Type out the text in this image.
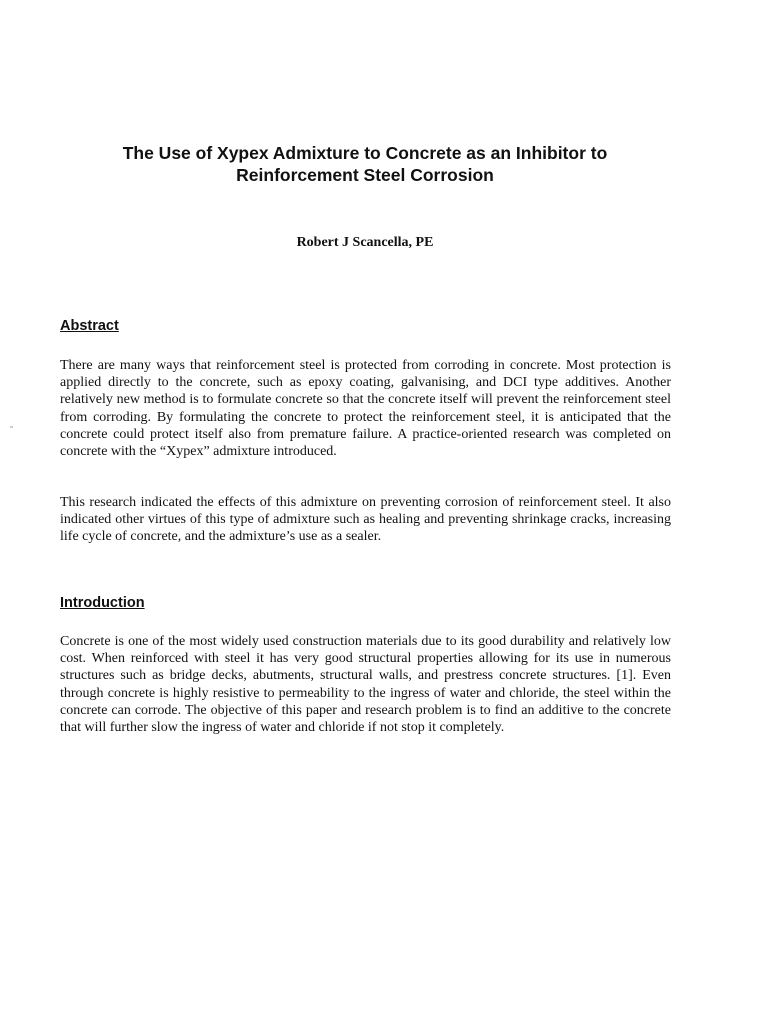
The Use of Xypex Admixture to Concrete as an Inhibitor to
Reinforcement Steel Corrosion

Robert J Scancella, PE

Abstract

There are many ways that reinforcement steel is protected from corroding in concrete. Most protection is applied directly to the concrete, such as epoxy coating, galvanising, and DCI type additives. Another relatively new method is to formulate concrete so that the concrete itself will prevent the reinforcement steel from corroding. By formulating the concrete to protect the reinforcement steel, it is anticipated that the concrete could protect itself also from premature failure. A practice-oriented research was completed on concrete with the “Xypex” admixture introduced.

This research indicated the effects of this admixture on preventing corrosion of reinforcement steel. It also indicated other virtues of this type of admixture such as healing and preventing shrinkage cracks, increasing life cycle of concrete, and the admixture’s use as a sealer.

Introduction

Concrete is one of the most widely used construction materials due to its good durability and relatively low cost. When reinforced with steel it has very good structural properties allowing for its use in numerous structures such as bridge decks, abutments, structural walls, and prestress concrete structures. [1]. Even through concrete is highly resistive to permeability to the ingress of water and chloride, the steel within the concrete can corrode. The objective of this paper and research problem is to find an additive to the concrete that will further slow the ingress of water and chloride if not stop it completely.
